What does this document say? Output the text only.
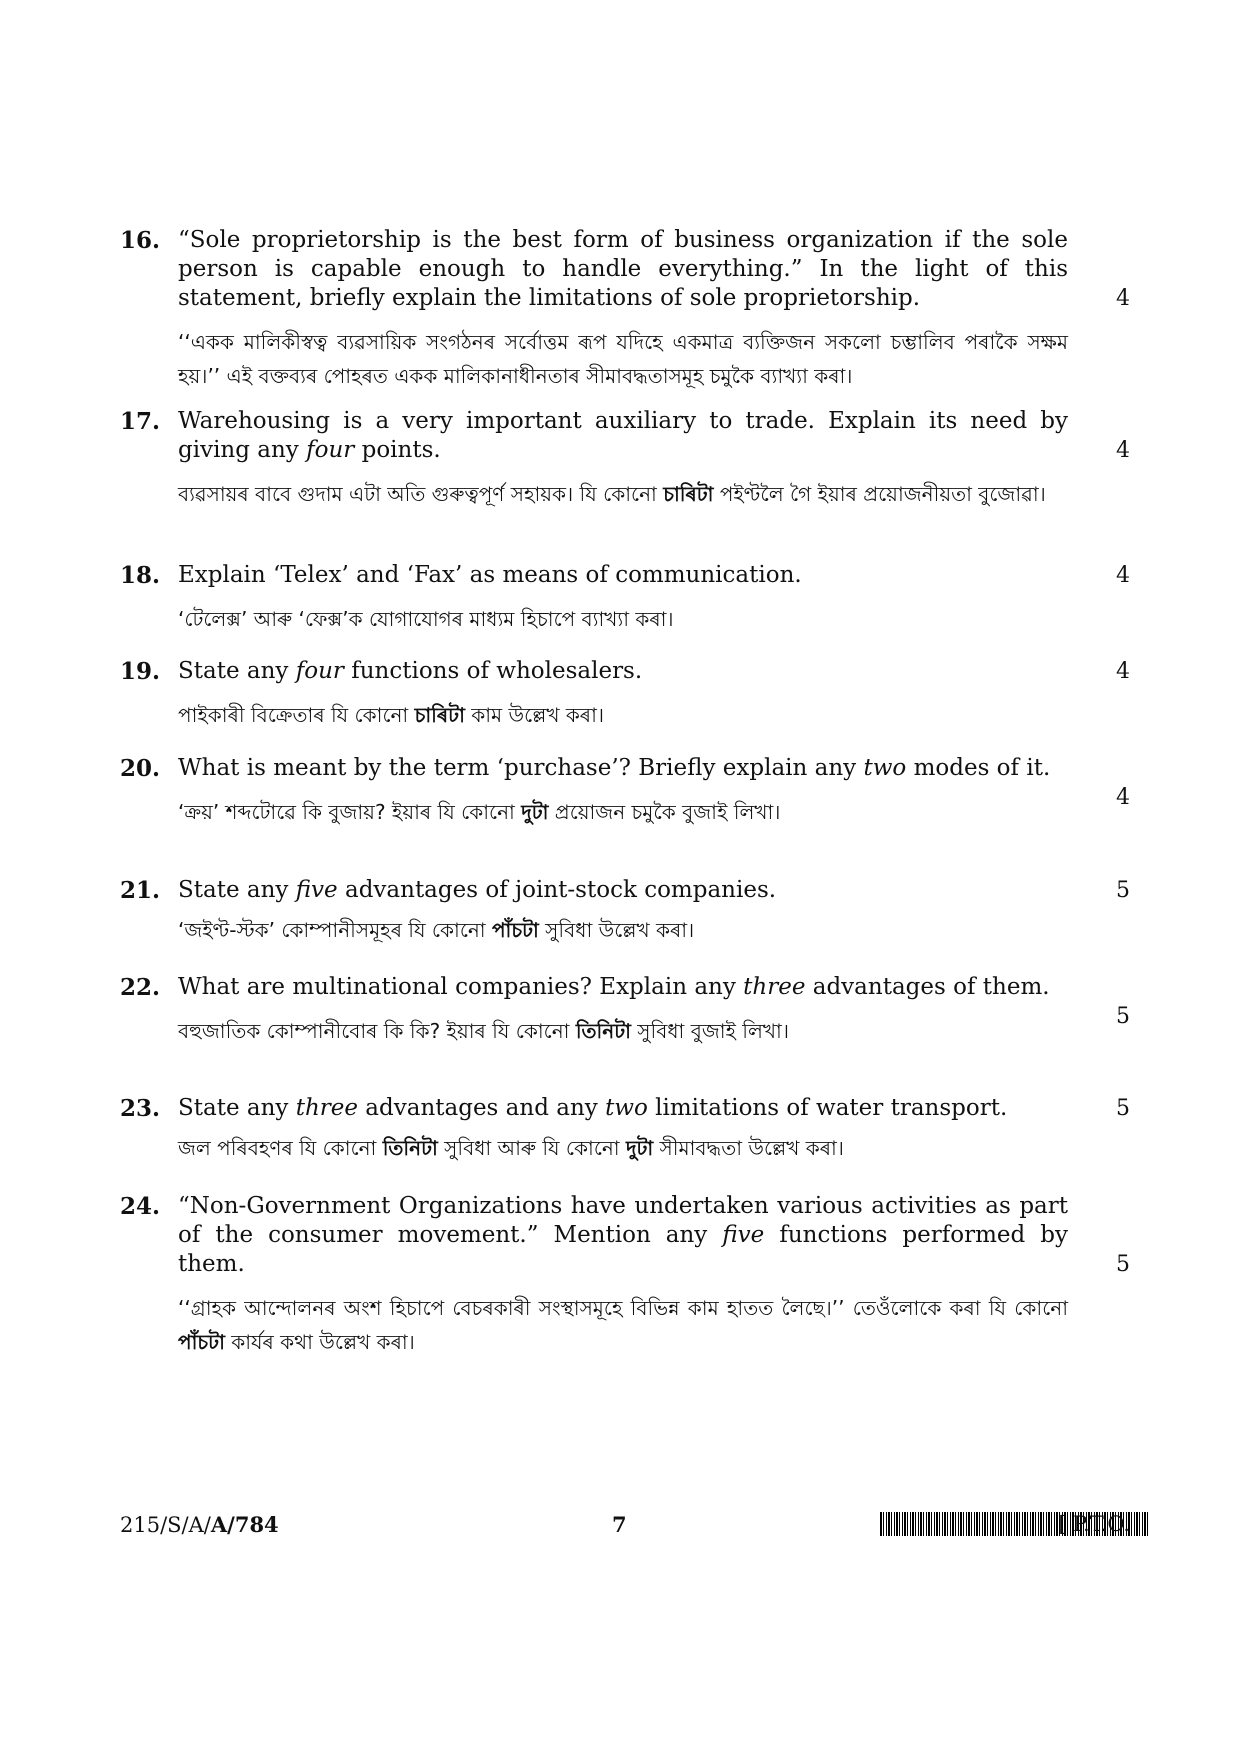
16. “Sole proprietorship is the best form of business organization if the sole person is capable enough to handle everything.” In the light of this statement, briefly explain the limitations of sole proprietorship.
‘‘একক মালিকীস্বত্ব ব্যৱসায়িক সংগঠনৰ সৰ্বোত্তম ৰূপ যদিহে একমাত্ৰ ব্যক্তিজন সকলো চম্ভালিব পৰাকৈ সক্ষম হয়।’’ এই বক্তব্যৰ পোহৰত একক মালিকানাধীনতাৰ সীমাবদ্ধতাসমূহ চমুকৈ ব্যাখ্যা কৰা।
4
17. Warehousing is a very important auxiliary to trade. Explain its need by giving any four points.
ব্যৱসায়ৰ বাবে গুদাম এটা অতি গুৰুত্বপূৰ্ণ সহায়ক। যি কোনো চাৰিটা পইণ্টলৈ গৈ ইয়াৰ প্ৰয়োজনীয়তা বুজোৱা।
4
18. Explain ‘Telex’ and ‘Fax’ as means of communication.
‘টেলেক্স’ আৰু ‘ফেক্স’ক যোগাযোগৰ মাধ্যম হিচাপে ব্যাখ্যা কৰা।
4
19. State any four functions of wholesalers.
পাইকাৰী বিক্ৰেতাৰ যি কোনো চাৰিটা কাম উল্লেখ কৰা।
4
20. What is meant by the term ‘purchase’? Briefly explain any two modes of it.
‘ক্ৰয়’ শব্দটোৱে কি বুজায়? ইয়াৰ যি কোনো দুটা প্ৰয়োজন চমুকৈ বুজাই লিখা।
4
21. State any five advantages of joint-stock companies.
‘জইণ্ট-স্টক’ কোম্পানীসমূহৰ যি কোনো পাঁচটা সুবিধা উল্লেখ কৰা।
5
22. What are multinational companies? Explain any three advantages of them.
বহুজাতিক কোম্পানীবোৰ কি কি? ইয়াৰ যি কোনো তিনিটা সুবিধা বুজাই লিখা।
5
23. State any three advantages and any two limitations of water transport.
জল পৰিবহণৰ যি কোনো তিনিটা সুবিধা আৰু যি কোনো দুটা সীমাবদ্ধতা উল্লেখ কৰা।
5
24. “Non-Government Organizations have undertaken various activities as part of the consumer movement.” Mention any five functions performed by them.
‘‘গ্ৰাহক আন্দোলনৰ অংশ হিচাপে বেচৰকাৰী সংস্থাসমূহে বিভিন্ন কাম হাতত লৈছে।’’ তেওঁলোকে কৰা যি কোনো পাঁচটা কাৰ্যৰ কথা উল্লেখ কৰা।
5
215/S/A/A/784	7	[ P.T.O.
